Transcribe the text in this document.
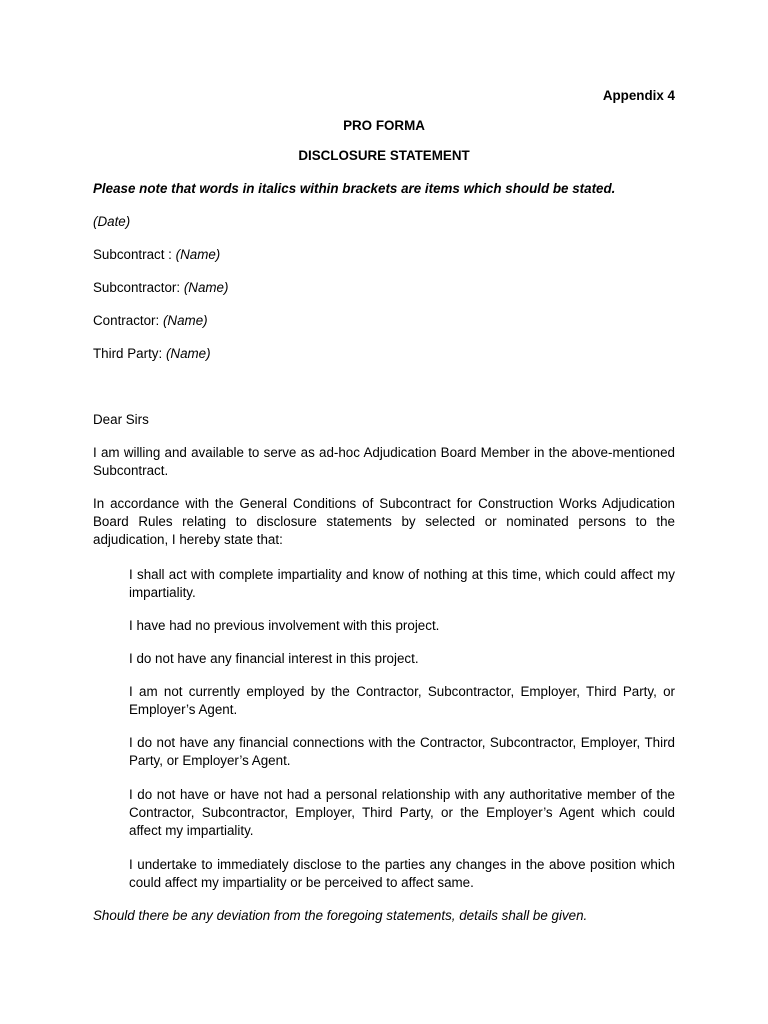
Appendix 4
PRO FORMA
DISCLOSURE STATEMENT

Please note that words in italics within brackets are items which should be stated.

(Date)

Subcontract : (Name)

Subcontractor: (Name)

Contractor: (Name)

Third Party: (Name)

Dear Sirs

I am willing and available to serve as ad-hoc Adjudication Board Member in the above-mentioned Subcontract.

In accordance with the General Conditions of Subcontract for Construction Works Adjudication Board Rules relating to disclosure statements by selected or nominated persons to the adjudication, I hereby state that:

I shall act with complete impartiality and know of nothing at this time, which could affect my impartiality.

I have had no previous involvement with this project.

I do not have any financial interest in this project.

I am not currently employed by the Contractor, Subcontractor, Employer, Third Party, or Employer’s Agent.

I do not have any financial connections with the Contractor, Subcontractor, Employer, Third Party, or Employer’s Agent.

I do not have or have not had a personal relationship with any authoritative member of the Contractor, Subcontractor, Employer, Third Party, or the Employer’s Agent which could affect my impartiality.

I undertake to immediately disclose to the parties any changes in the above position which could affect my impartiality or be perceived to affect same.

Should there be any deviation from the foregoing statements, details shall be given.
